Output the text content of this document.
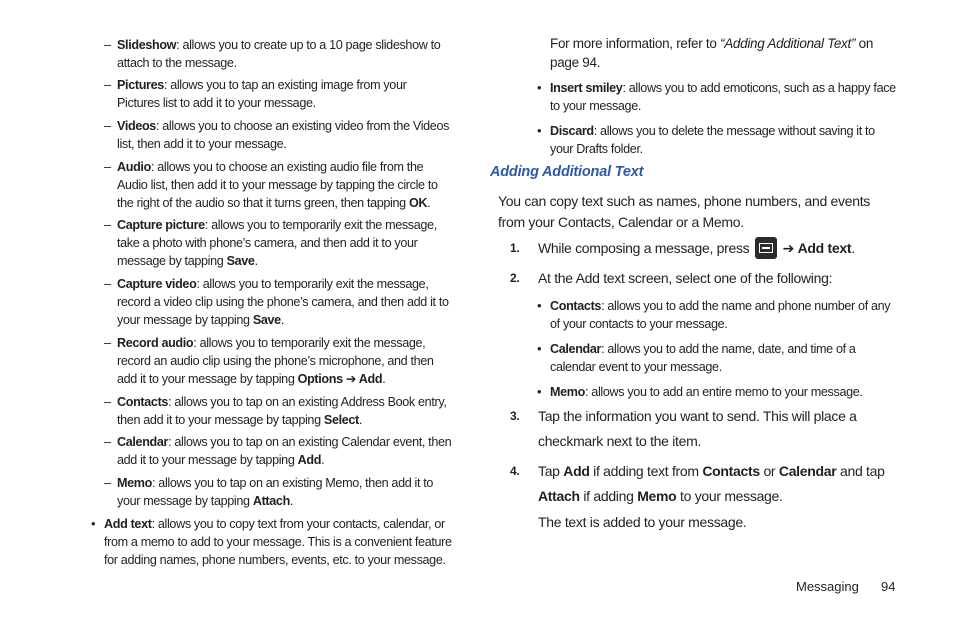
– Slideshow: allows you to create up to a 10 page slideshow to attach to the message.
– Pictures: allows you to tap an existing image from your Pictures list to add it to your message.
– Videos: allows you to choose an existing video from the Videos list, then add it to your message.
– Audio: allows you to choose an existing audio file from the Audio list, then add it to your message by tapping the circle to the right of the audio so that it turns green, then tapping OK.
– Capture picture: allows you to temporarily exit the message, take a photo with phone’s camera, and then add it to your message by tapping Save.
– Capture video: allows you to temporarily exit the message, record a video clip using the phone’s camera, and then add it to your message by tapping Save.
– Record audio: allows you to temporarily exit the message, record an audio clip using the phone’s microphone, and then add it to your message by tapping Options ➔ Add.
– Contacts: allows you to tap on an existing Address Book entry, then add it to your message by tapping Select.
– Calendar: allows you to tap on an existing Calendar event, then add it to your message by tapping Add.
– Memo: allows you to tap on an existing Memo, then add it to your message by tapping Attach.
• Add text: allows you to copy text from your contacts, calendar, or from a memo to add to your message. This is a convenient feature for adding names, phone numbers, events, etc. to your message.
For more information, refer to “Adding Additional Text” on page 94.
• Insert smiley: allows you to add emoticons, such as a happy face to your message.
• Discard: allows you to delete the message without saving it to your Drafts folder.
Adding Additional Text
You can copy text such as names, phone numbers, and events from your Contacts, Calendar or a Memo.
1. While composing a message, press  ➔ Add text.
2. At the Add text screen, select one of the following:
• Contacts: allows you to add the name and phone number of any of your contacts to your message.
• Calendar: allows you to add the name, date, and time of a calendar event to your message.
• Memo: allows you to add an entire memo to your message.
3. Tap the information you want to send. This will place a checkmark next to the item.
4. Tap Add if adding text from Contacts or Calendar and tap Attach if adding Memo to your message.
The text is added to your message.
Messaging 94
